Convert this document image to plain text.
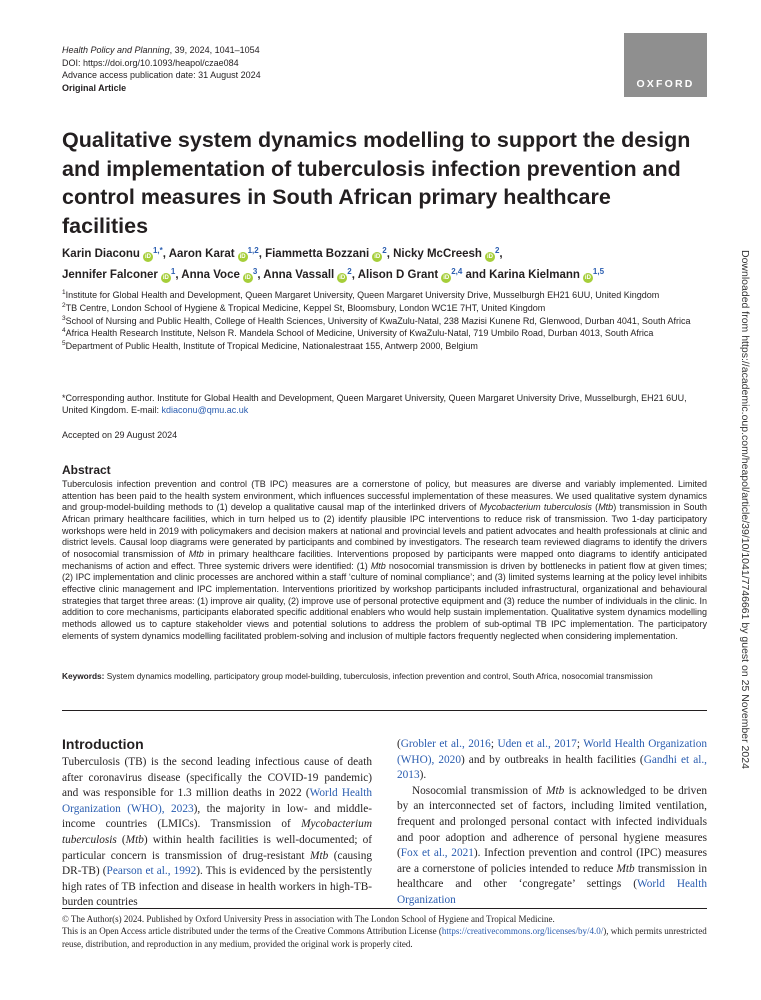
Health Policy and Planning, 39, 2024, 1041–1054
DOI: https://doi.org/10.1093/heapol/czae084
Advance access publication date: 31 August 2024
Original Article	OXFORD
Qualitative system dynamics modelling to support the design and implementation of tuberculosis infection prevention and control measures in South African primary healthcare facilities
Karin Diaconu $iD^{1,*}$, Aaron Karat iD$^{1,2}$, Fiammetta Bozzani $iD^2$, Nicky McCreesh $iD^2$,
Jennifer Falconer $iD^1$, Anna Voce $iD^3$, Anna Vassall $iD^2$, Alison D Grant iD$^{2,4}$ and Karina Kielmann iD$^{1,5}$
$^1$Institute for Global Health and Development, Queen Margaret University, Queen Margaret University Drive, Musselburgh EH21 6UU, United Kingdom
$^2$TB Centre, London School of Hygiene & Tropical Medicine, Keppel St, Bloomsbury, London WC1E 7HT, United Kingdom
$^3$School of Nursing and Public Health, College of Health Sciences, University of KwaZulu-Natal, 238 Mazisi Kunene Rd, Glenwood, Durban 4041, South Africa
$^4$Africa Health Research Institute, Nelson R. Mandela School of Medicine, University of KwaZulu-Natal, 719 Umbilo Road, Durban 4013, South Africa
$^5$Department of Public Health, Institute of Tropical Medicine, Nationalestraat 155, Antwerp 2000, Belgium
*Corresponding author. Institute for Global Health and Development, Queen Margaret University, Queen Margaret University Drive, Musselburgh, EH21 6UU, United Kingdom. E-mail: kdiaconu@qmu.ac.uk
Accepted on 29 August 2024
Abstract

Tuberculosis infection prevention and control (TB IPC) measures are a cornerstone of policy, but measures are diverse and variably implemented. Limited attention has been paid to the health system environment, which influences successful implementation of these measures. We used qualitative system dynamics and group-model-building methods to (1) develop a qualitative causal map of the interlinked drivers of Mycobacterium tuberculosis (Mtb) transmission in South African primary healthcare facilities, which in turn helped us to (2) identify plausible IPC interventions to reduce risk of transmission. Two 1-day participatory workshops were held in 2019 with policymakers and decision makers at national and provincial levels and patient advocates and health professionals at clinic and district levels. Causal loop diagrams were generated by participants and combined by investigators. The research team reviewed diagrams to identify the drivers of nosocomial transmission of Mtb in primary healthcare facilities. Interventions proposed by participants were mapped onto diagrams to identify anticipated mechanisms of action and effect. Three systemic drivers were identified: (1) Mtb nosocomial transmission is driven by bottlenecks in patient flow at given times; (2) IPC implementation and clinic processes are anchored within a staff ‘culture of nominal compliance’; and (3) limited systems learning at the policy level inhibits effective clinic management and IPC implementation. Interventions prioritized by workshop participants included infrastructural, organizational and behavioural strategies that target three areas: (1) improve air quality, (2) improve use of personal protective equipment and (3) reduce the number of individuals in the clinic. In addition to core mechanisms, participants elaborated specific additional enablers who would help sustain implementation. Qualitative system dynamics modelling methods allowed us to capture stakeholder views and potential solutions to address the problem of sub-optimal TB IPC implementation. The participatory elements of system dynamics modelling facilitated problem-solving and inclusion of multiple factors frequently neglected when considering implementation.

Keywords: System dynamics modelling, participatory group model-building, tuberculosis, infection prevention and control, South Africa, nosocomial transmission
Introduction

Tuberculosis (TB) is the second leading infectious cause of death after coronavirus disease (specifically the COVID-19 pandemic) and was responsible for 1.3 million deaths in 2022 (World Health Organization (WHO), 2023), the majority in low- and middle-income countries (LMICs). Transmission of Mycobacterium tuberculosis (Mtb) within health facilities is well-documented; of particular concern is transmission of drug-resistant Mtb (causing DR-TB) (Pearson et al., 1992). This is evidenced by the persistently high rates of TB infection and disease in health workers in high-TB-burden countries

(Grobler et al., 2016; Uden et al., 2017; World Health Organization (WHO), 2020) and by outbreaks in health facilities (Gandhi et al., 2013).
Nosocomial transmission of Mtb is acknowledged to be driven by an interconnected set of factors, including limited ventilation, frequent and prolonged personal contact with infected individuals and poor adoption and adherence of personal hygiene measures (Fox et al., 2021). Infection prevention and control (IPC) measures are a cornerstone of policies intended to reduce Mtb transmission in healthcare and other ‘congregate’ settings (World Health Organization

© The Author(s) 2024. Published by Oxford University Press in association with The London School of Hygiene and Tropical Medicine.
This is an Open Access article distributed under the terms of the Creative Commons Attribution License (https://creativecommons.org/licenses/by/4.0/), which permits unrestricted reuse, distribution, and reproduction in any medium, provided the original work is properly cited.
Downloaded from https://academic.oup.com/heapol/article/39/10/1041/7746661 by guest on 25 November 2024
